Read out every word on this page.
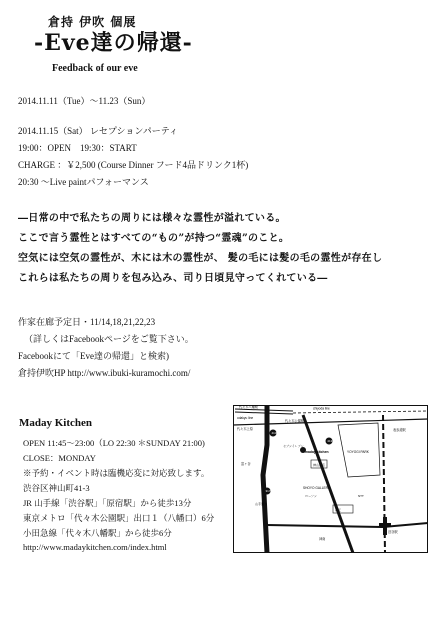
倉持 伊吹 個展
-Eve達の帰還-
Feedback of our eve
2014.11.11（Tue）～11.23（Sun）
2014.11.15（Sat） レセプションパーティ
19:00：OPEN　19:30：START
CHARGE ：￥2,500 (Course Dinner フード4品ドリンク1杯)
20:30 ～Live paintパフォーマンス
―日常の中で私たちの周りには様々な霊性が溢れている。
ここで言う霊性とはすべての“もの”が持つ“霊魂”のこと。
空気には空気の霊性が、木には木の霊性が、 髪の毛には髪の毛の霊性が存在し
これらは私たちの周りを包み込み、司り日頃見守ってくれている―
作家在廊予定日・11/14,18,21,22,23
（詳しくはFacebookページをご覧下さい。
Facebookにて「Eve達の帰還」と検索)
倉持伊吹HP http://www.ibuki-kuramochi.com/
Maday Kitchen
OPEN 11:45～23:00（LO 22:30 ＊SUNDAY 21:00)
CLOSE：MONDAY
※予約・イベント時は臨機応変に対応致します。
渋谷区神山町41-3
JR 山手線「渋谷駅」「原宿駅」から徒歩13分
東京メトロ「代々木公園駅」出口１（八幡口）6分
小田急線「代々木八幡駅」から徒歩6分
http://www.madaykitchen.com/index.html
代々木八幡駅
odakyu line
chiyoda line
代々木公園駅
代々木上原
413
413
317
セブンイレブン
maday kitchen	YOYOGI PARK
神山商店
SHOYO GALLERY
ローソン
富ヶ谷
渋谷駅
神南
表参道駅
山手通り
花正
NTT
